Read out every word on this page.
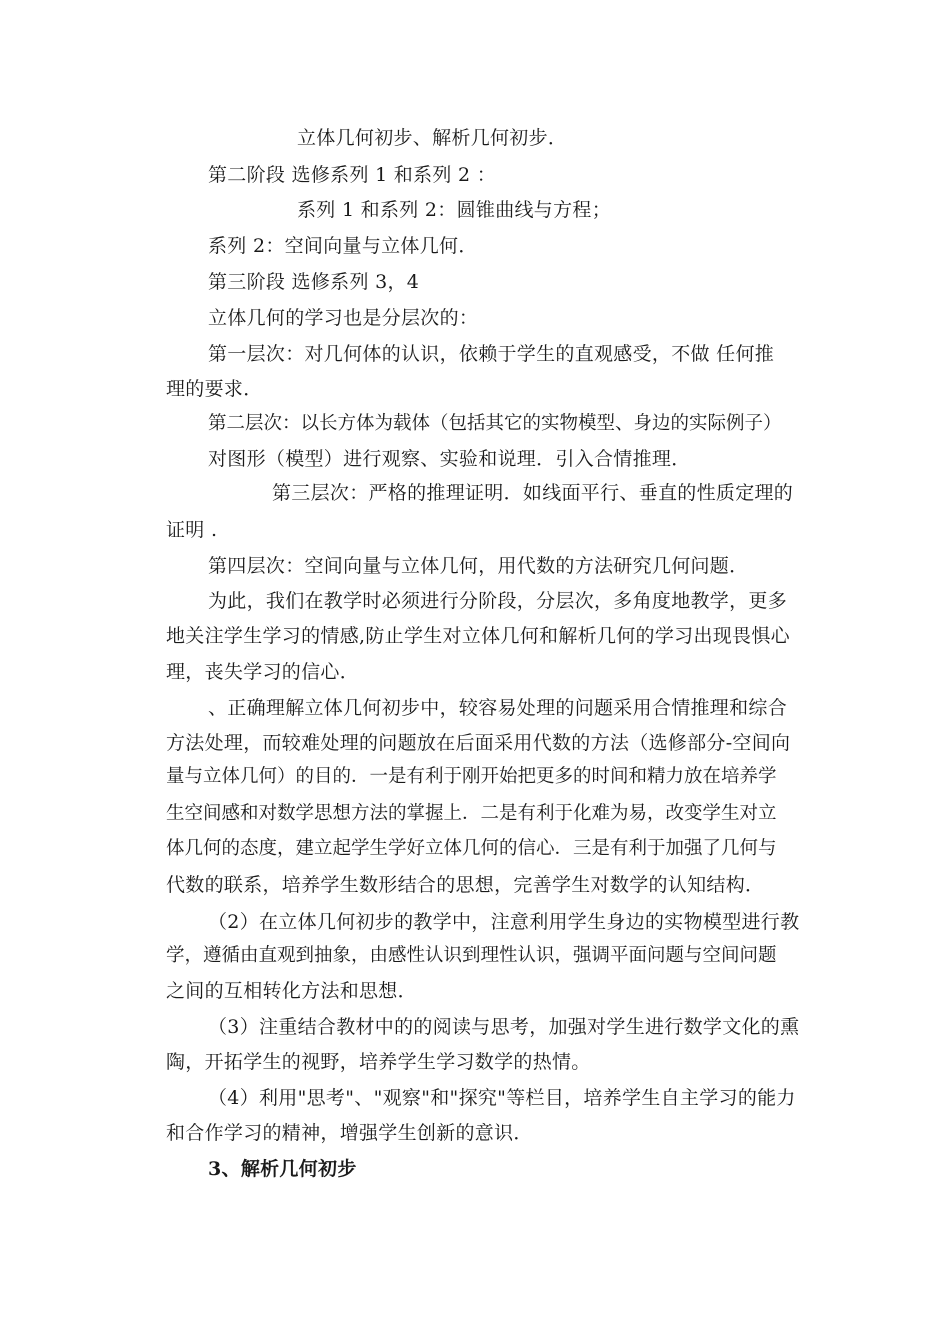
立体几何初步、解析几何初步．
第二阶段 选修系列 1 和系列 2 ：
系列 1 和系列 2：圆锥曲线与方程；
系列 2：空间向量与立体几何．
第三阶段 选修系列 3，4
立体几何的学习也是分层次的：
第一层次：对几何体的认识，依赖于学生的直观感受，不做 任何推
理的要求．
第二层次：以长方体为载体（包括其它的实物模型、身边的实际例子）
对图形（模型）进行观察、实验和说理．引入合情推理．
第三层次：严格的推理证明．如线面平行、垂直的性质定理的
证明 .
第四层次：空间向量与立体几何，用代数的方法研究几何问题．
为此，我们在教学时必须进行分阶段，分层次，多角度地教学，更多
地关注学生学习的情感,防止学生对立体几何和解析几何的学习出现畏惧心
理，丧失学习的信心．
、正确理解立体几何初步中，较容易处理的问题采用合情推理和综合
方法处理，而较难处理的问题放在后面采用代数的方法（选修部分-空间向
量与立体几何）的目的．一是有利于刚开始把更多的时间和精力放在培养学
生空间感和对数学思想方法的掌握上．二是有利于化难为易，改变学生对立
体几何的态度，建立起学生学好立体几何的信心．三是有利于加强了几何与
代数的联系，培养学生数形结合的思想，完善学生对数学的认知结构．
（2）在立体几何初步的教学中，注意利用学生身边的实物模型进行教
学，遵循由直观到抽象，由感性认识到理性认识，强调平面问题与空间问题
之间的互相转化方法和思想．
（3）注重结合教材中的的阅读与思考，加强对学生进行数学文化的熏
陶，开拓学生的视野，培养学生学习数学的热情。
（4）利用"思考"、"观察"和"探究"等栏目，培养学生自主学习的能力
和合作学习的精神，增强学生创新的意识．
3、解析几何初步
